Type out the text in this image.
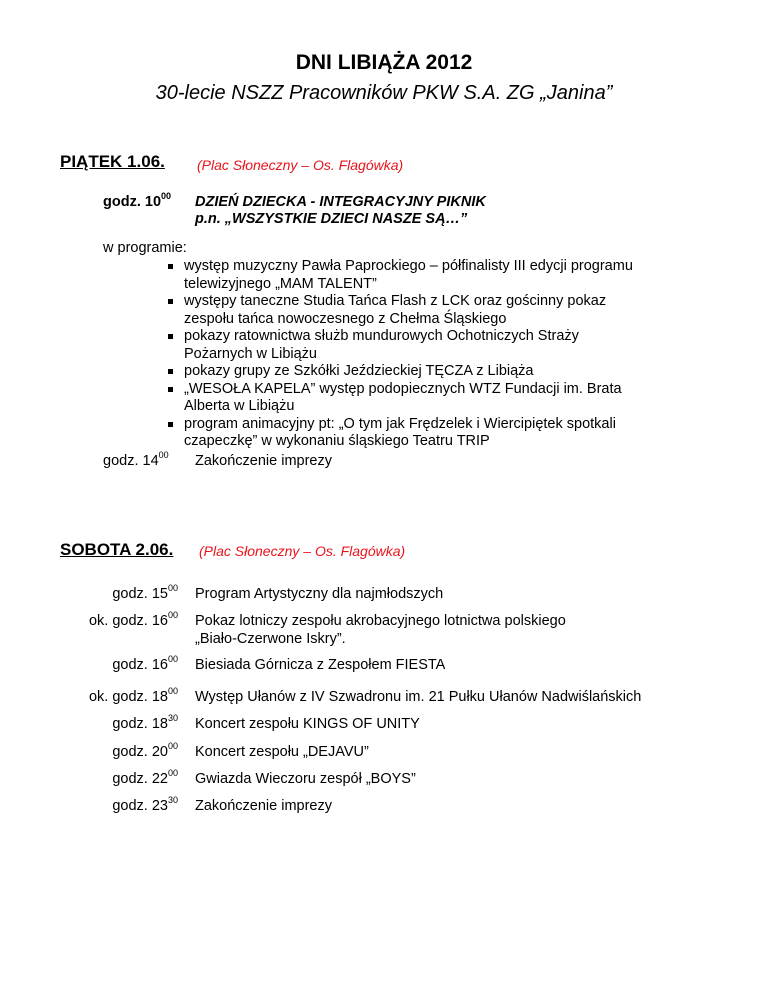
DNI LIBIĄŻA 2012
30-lecie NSZZ Pracowników PKW S.A. ZG „Janina”
PIĄTEK 1.06. (Plac Słoneczny – Os. Flagówka)
godz. $10^{00}$ DZIEŃ DZIECKA - INTEGRACYJNY PIKNIK
p.n. „WSZYSTKIE DZIECI NASZE SĄ…”
w programie:
występ muzyczny Pawła Paprockiego – półfinalisty III edycji programu
telewizyjnego „MAM TALENT”
występy taneczne Studia Tańca Flash z LCK oraz gościnny pokaz
zespołu tańca nowoczesnego z Chełma Śląskiego
pokazy ratownictwa służb mundurowych Ochotniczych Straży
Pożarnych w Libiążu
pokazy grupy ze Szkółki Jeździeckiej TĘCZA z Libiąża
„WESOŁA KAPELA” występ podopiecznych WTZ Fundacji im. Brata
Alberta w Libiążu
program animacyjny pt: „O tym jak Frędzelek i Wiercipiętek spotkali
czapeczkę” w wykonaniu śląskiego Teatru TRIP
godz. $14^{00}$ Zakończenie imprezy
SOBOTA 2.06. (Plac Słoneczny – Os. Flagówka)
godz. $15^{00}$ Program Artystyczny dla najmłodszych
ok. godz. $16^{00}$ Pokaz lotniczy zespołu akrobacyjnego lotnictwa polskiego
„Biało-Czerwone Iskry”.
godz. $16^{00}$ Biesiada Górnicza z Zespołem FIESTA
ok. godz. $18^{00}$ Występ Ułanów z IV Szwadronu im. 21 Pułku Ułanów Nadwiślańskich
godz. $18^{30}$ Koncert zespołu KINGS OF UNITY
godz. $20^{00}$ Koncert zespołu „DEJAVU”
godz. $22^{00}$ Gwiazda Wieczoru zespół „BOYS”
godz. $23^{30}$ Zakończenie imprezy
